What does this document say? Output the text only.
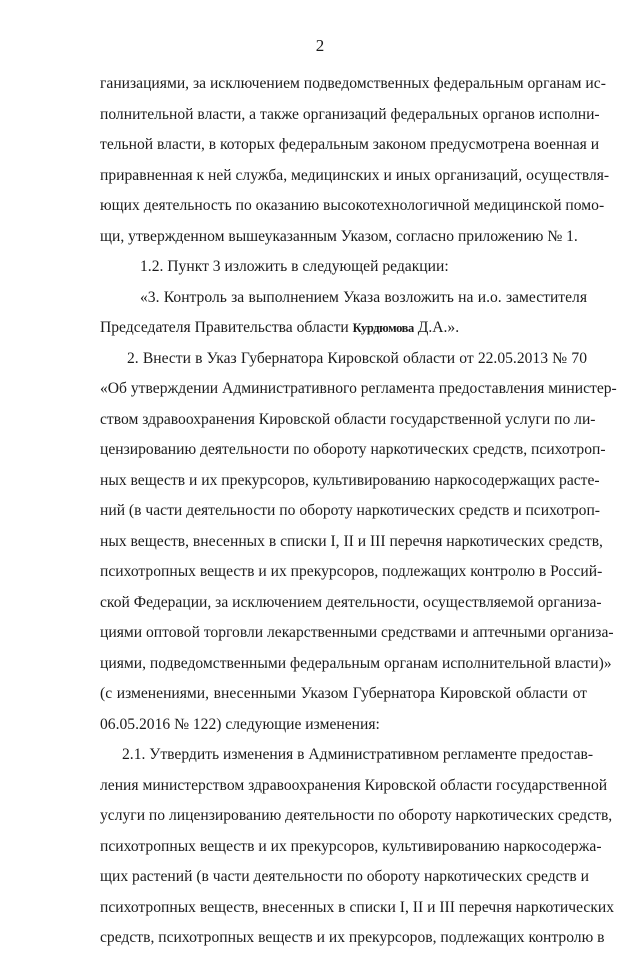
2
ганизациями, за исключением подведомственных федеральным органам ис-
полнительной власти, а также организаций федеральных органов исполни-
тельной власти, в которых федеральным законом предусмотрена военная и
приравненная к ней служба, медицинских и иных организаций, осуществля-
ющих деятельность по оказанию высокотехнологичной медицинской помо-
щи, утвержденном вышеуказанным Указом, согласно приложению № 1.
1.2. Пункт 3 изложить в следующей редакции:
«3. Контроль за выполнением Указа возложить на и.о. заместителя
Председателя Правительства области Курдюмова Д.А.».
2. Внести в Указ Губернатора Кировской области от 22.05.2013 № 70
«Об утверждении Административного регламента предоставления министер-
ством здравоохранения Кировской области государственной услуги по ли-
цензированию деятельности по обороту наркотических средств, психотроп-
ных веществ и их прекурсоров, культивированию наркосодержащих расте-
ний (в части деятельности по обороту наркотических средств и психотроп-
ных веществ, внесенных в списки I, II и III перечня наркотических средств,
психотропных веществ и их прекурсоров, подлежащих контролю в Россий-
ской Федерации, за исключением деятельности, осуществляемой организа-
циями оптовой торговли лекарственными средствами и аптечными организа-
циями, подведомственными федеральным органам исполнительной власти)»
(с изменениями, внесенными Указом Губернатора Кировской области от
06.05.2016 № 122) следующие изменения:
2.1. Утвердить изменения в Административном регламенте предостав-
ления министерством здравоохранения Кировской области государственной
услуги по лицензированию деятельности по обороту наркотических средств,
психотропных веществ и их прекурсоров, культивированию наркосодержа-
щих растений (в части деятельности по обороту наркотических средств и
психотропных веществ, внесенных в списки I, II и III перечня наркотических
средств, психотропных веществ и их прекурсоров, подлежащих контролю в
